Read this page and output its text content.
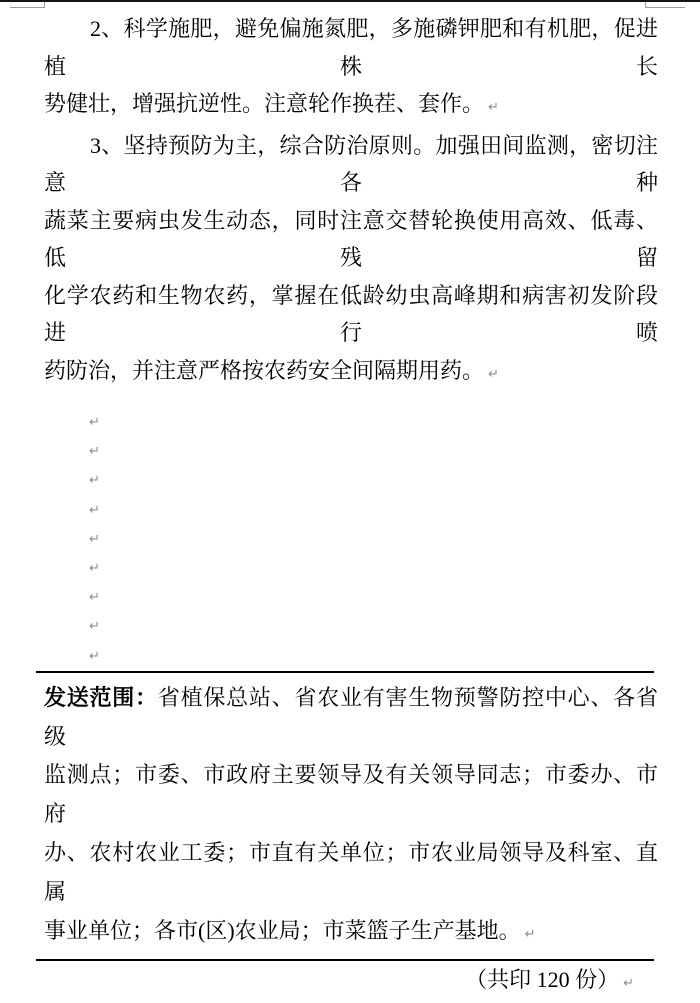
2、科学施肥，避免偏施氮肥，多施磷钾肥和有机肥，促进植株长
势健壮，增强抗逆性。注意轮作换茬、套作。 ↵
3、坚持预防为主，综合防治原则。加强田间监测，密切注意各种
蔬菜主要病虫发生动态，同时注意交替轮换使用高效、低毒、低残留
化学农药和生物农药，掌握在低龄幼虫高峰期和病害初发阶段进行喷
药防治，并注意严格按农药安全间隔期用药。 ↵
↵
↵
↵
↵
↵
↵
↵
↵
↵
发送范围：省植保总站、省农业有害生物预警防控中心、各省级
监测点；市委、市政府主要领导及有关领导同志；市委办、市府
办、农村农业工委；市直有关单位；市农业局领导及科室、直属
事业单位；各市(区)农业局；市菜篮子生产基地。 ↵
（共印 120 份） ↵
